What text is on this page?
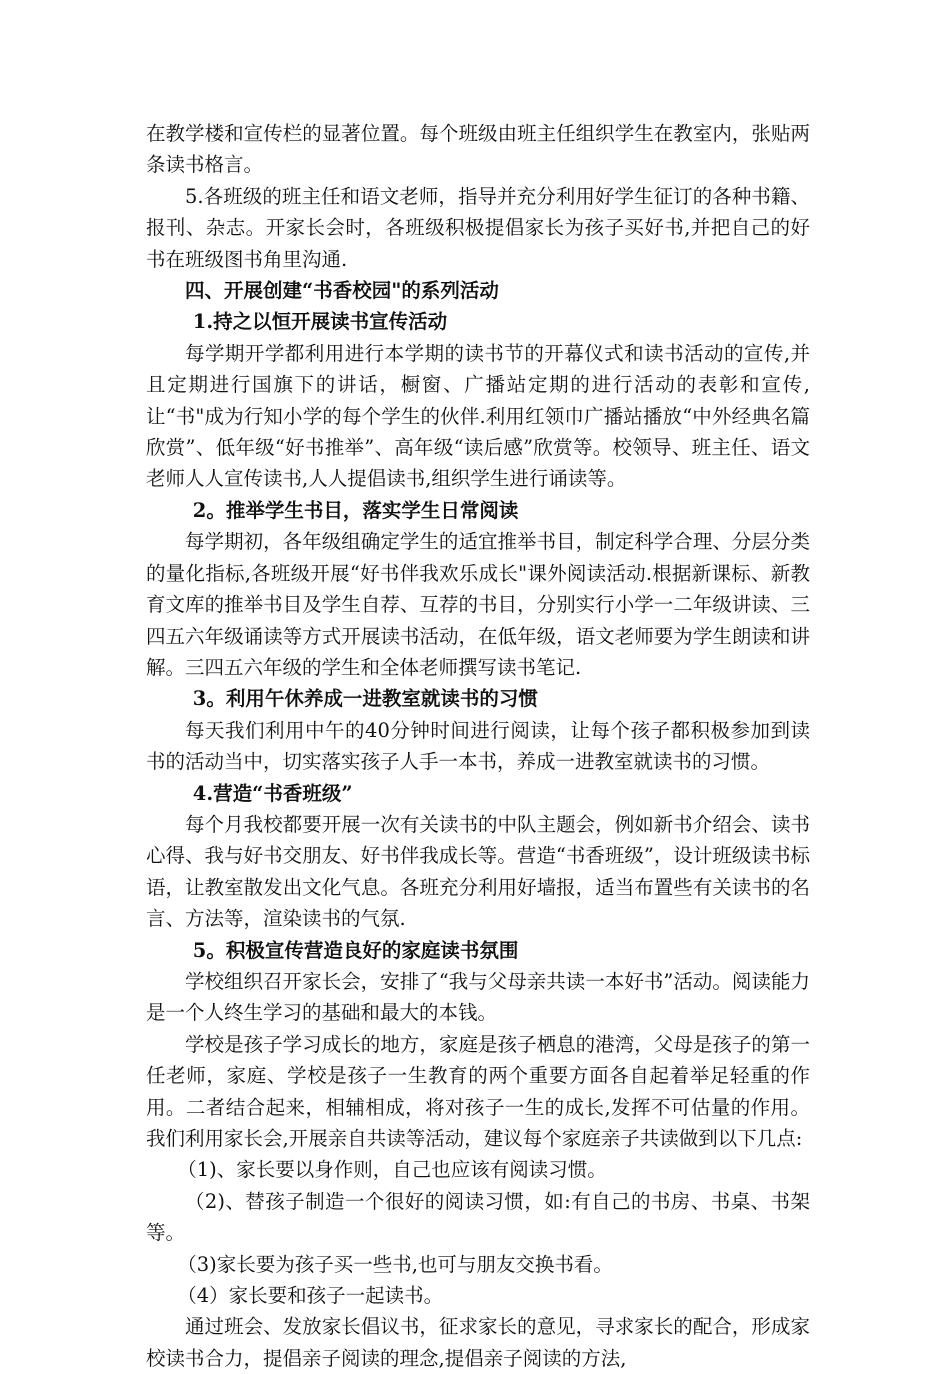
在教学楼和宣传栏的显著位置。每个班级由班主任组织学生在教室内，张贴两条读书格言。

5.各班级的班主任和语文老师，指导并充分利用好学生征订的各种书籍、报刊、杂志。开家长会时，各班级积极提倡家长为孩子买好书,并把自己的好书在班级图书角里沟通.

四、开展创建“书香校园"的系列活动

1.持之以恒开展读书宣传活动

每学期开学都利用进行本学期的读书节的开幕仪式和读书活动的宣传,并且定期进行国旗下的讲话，橱窗、广播站定期的进行活动的表彰和宣传,让“书"成为行知小学的每个学生的伙伴.利用红领巾广播站播放“中外经典名篇欣赏”、低年级“好书推举”、高年级“读后感”欣赏等。校领导、班主任、语文老师人人宣传读书,人人提倡读书,组织学生进行诵读等。

2。推举学生书目，落实学生日常阅读

每学期初，各年级组确定学生的适宜推举书目，制定科学合理、分层分类的量化指标,各班级开展“好书伴我欢乐成长"课外阅读活动.根据新课标、新教育文库的推举书目及学生自荐、互荐的书目，分别实行小学一二年级讲读、三四五六年级诵读等方式开展读书活动，在低年级，语文老师要为学生朗读和讲解。三四五六年级的学生和全体老师撰写读书笔记.

3。利用午休养成一进教室就读书的习惯

每天我们利用中午的40分钟时间进行阅读，让每个孩子都积极参加到读书的活动当中，切实落实孩子人手一本书，养成一进教室就读书的习惯。

4.营造“书香班级”

每个月我校都要开展一次有关读书的中队主题会，例如新书介绍会、读书心得、我与好书交朋友、好书伴我成长等。营造“书香班级”，设计班级读书标语，让教室散发出文化气息。各班充分利用好墙报，适当布置些有关读书的名言、方法等，渲染读书的气氛.

5。积极宣传营造良好的家庭读书氛围

学校组织召开家长会，安排了“我与父母亲共读一本好书”活动。阅读能力是一个人终生学习的基础和最大的本钱。

学校是孩子学习成长的地方，家庭是孩子栖息的港湾，父母是孩子的第一任老师，家庭、学校是孩子一生教育的两个重要方面各自起着举足轻重的作用。二者结合起来，相辅相成，将对孩子一生的成长,发挥不可估量的作用。我们利用家长会,开展亲自共读等活动，建议每个家庭亲子共读做到以下几点:

（1)、家长要以身作则，自己也应该有阅读习惯。

（2)、替孩子制造一个很好的阅读习惯，如:有自己的书房、书桌、书架等。

（3)家长要为孩子买一些书,也可与朋友交换书看。

（4）家长要和孩子一起读书。

通过班会、发放家长倡议书，征求家长的意见，寻求家长的配合，形成家校读书合力，提倡亲子阅读的理念,提倡亲子阅读的方法,
